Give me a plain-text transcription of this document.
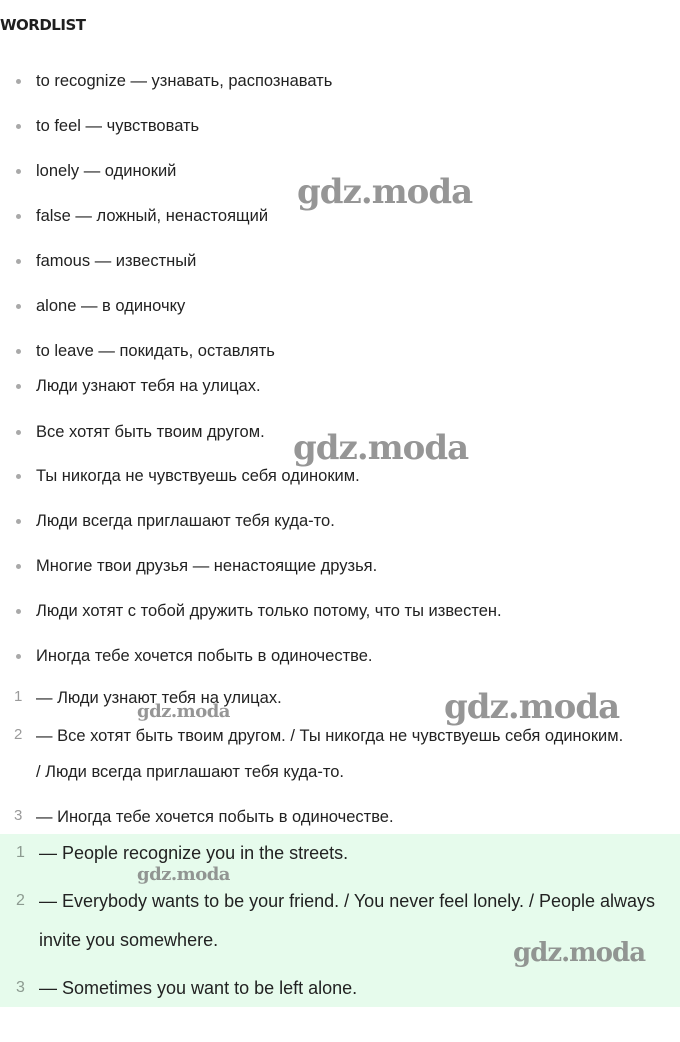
WORDLIST
to recognize — узнавать, распознавать
to feel — чувствовать
lonely — одинокий
false — ложный, ненастоящий
famous — известный
alone — в одиночку
to leave — покидать, оставлять
Люди узнают тебя на улицах.
Все хотят быть твоим другом.
Ты никогда не чувствуешь себя одиноким.
Люди всегда приглашают тебя куда-то.
Многие твои друзья — ненастоящие друзья.
Люди хотят с тобой дружить только потому, что ты известен.
Иногда тебе хочется побыть в одиночестве.
1 — Люди узнают тебя на улицах.
2 — Все хотят быть твоим другом. / Ты никогда не чувствуешь себя одиноким. / Люди всегда приглашают тебя куда-то.
3 — Иногда тебе хочется побыть в одиночестве.
1 — People recognize you in the streets.
2 — Everybody wants to be your friend. / You never feel lonely. / People always invite you somewhere.
3 — Sometimes you want to be left alone.
gdz.moda
gdz.moda
gdz.moda
gdz.moda
gdz.moda
gdz.moda
